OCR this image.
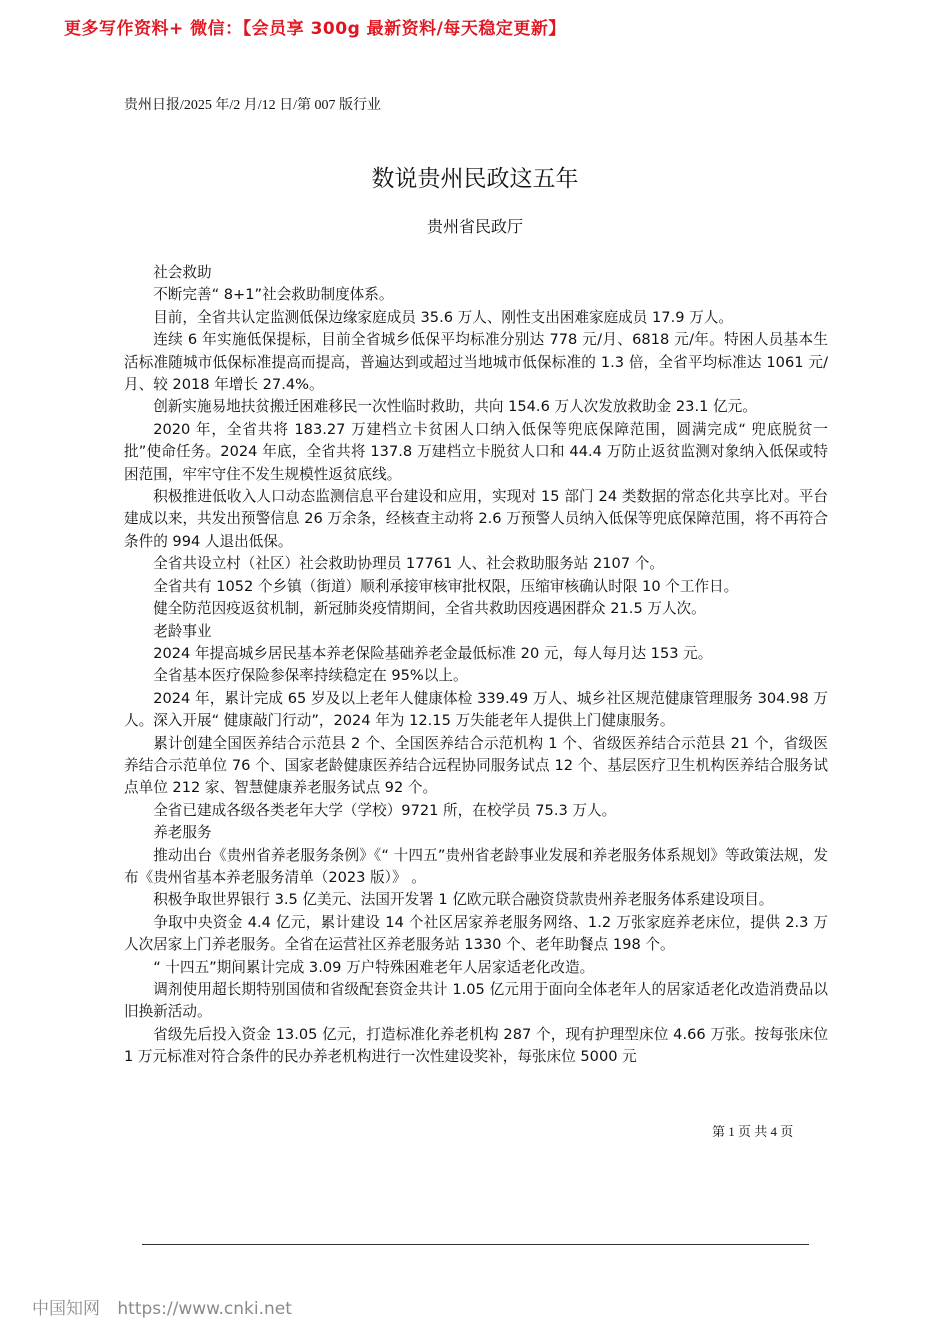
更多写作资料+ 微信：【会员享 300g 最新资料/每天稳定更新】
贵州日报/2025 年/2 月/12 日/第 007 版行业
数说贵州民政这五年
贵州省民政厅

社会救助

不断完善“ 8+1”社会救助制度体系。

目前，全省共认定监测低保边缘家庭成员 35.6 万人、刚性支出困难家庭成员 17.9 万人。

连续 6 年实施低保提标，目前全省城乡低保平均标准分别达 778 元/月、6818 元/年。特困人员基本生活标准随城市低保标准提高而提高，普遍达到或超过当地城市低保标准的 1.3 倍，全省平均标准达 1061 元/月、较 2018 年增长 27.4%。

创新实施易地扶贫搬迁困难移民一次性临时救助，共向 154.6 万人次发放救助金 23.1 亿元。

2020 年，全省共将 183.27 万建档立卡贫困人口纳入低保等兜底保障范围，圆满完成“ 兜底脱贫一批”使命任务。2024 年底，全省共将 137.8 万建档立卡脱贫人口和 44.4 万防止返贫监测对象纳入低保或特困范围，牢牢守住不发生规模性返贫底线。

积极推进低收入人口动态监测信息平台建设和应用，实现对 15 部门 24 类数据的常态化共享比对。平台建成以来，共发出预警信息 26 万余条，经核查主动将 2.6 万预警人员纳入低保等兜底保障范围，将不再符合条件的 994 人退出低保。

全省共设立村（社区）社会救助协理员 17761 人、社会救助服务站 2107 个。

全省共有 1052 个乡镇（街道）顺利承接审核审批权限，压缩审核确认时限 10 个工作日。

健全防范因疫返贫机制，新冠肺炎疫情期间，全省共救助因疫遇困群众 21.5 万人次。

老龄事业

2024 年提高城乡居民基本养老保险基础养老金最低标准 20 元，每人每月达 153 元。

全省基本医疗保险参保率持续稳定在 95%以上。

2024 年，累计完成 65 岁及以上老年人健康体检 339.49 万人、城乡社区规范健康管理服务 304.98 万人。深入开展“ 健康敲门行动”，2024 年为 12.15 万失能老年人提供上门健康服务。

累计创建全国医养结合示范县 2 个、全国医养结合示范机构 1 个、省级医养结合示范县 21 个，省级医养结合示范单位 76 个、国家老龄健康医养结合远程协同服务试点 12 个、基层医疗卫生机构医养结合服务试点单位 212 家、智慧健康养老服务试点 92 个。

全省已建成各级各类老年大学（学校）9721 所，在校学员 75.3 万人。

养老服务

推动出台《贵州省养老服务条例》《“ 十四五”贵州省老龄事业发展和养老服务体系规划》等政策法规，发布《贵州省基本养老服务清单（2023 版）》 。

积极争取世界银行 3.5 亿美元、法国开发署 1 亿欧元联合融资贷款贵州养老服务体系建设项目。

争取中央资金 4.4 亿元，累计建设 14 个社区居家养老服务网络、1.2 万张家庭养老床位，提供 2.3 万人次居家上门养老服务。全省在运营社区养老服务站 1330 个、老年助餐点 198 个。

“ 十四五”期间累计完成 3.09 万户特殊困难老年人居家适老化改造。

调剂使用超长期特别国债和省级配套资金共计 1.05 亿元用于面向全体老年人的居家适老化改造消费品以旧换新活动。

省级先后投入资金 13.05 亿元，打造标准化养老机构 287 个，现有护理型床位 4.66 万张。按每张床位 1 万元标准对符合条件的民办养老机构进行一次性建设奖补，每张床位 5000 元

第 1 页 共 4 页
中国知网 https://www.cnki.net
